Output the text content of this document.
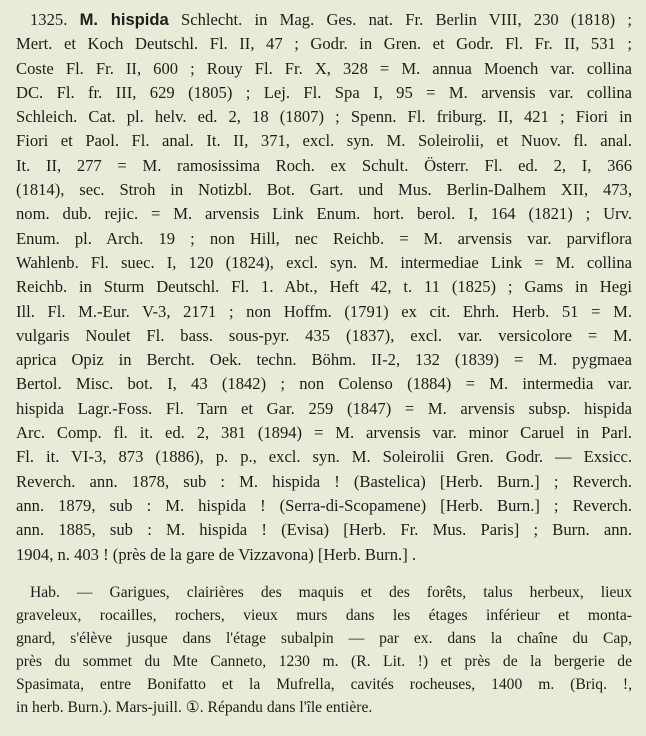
1325. M. hispida Schlecht. in Mag. Ges. nat. Fr. Berlin VIII, 230 (1818) ;
Mert. et Koch Deutschl. Fl. II, 47 ; Godr. in Gren. et Godr. Fl. Fr. II, 531 ;
Coste Fl. Fr. II, 600 ; Rouy Fl. Fr. X, 328 = M. annua Moench var. collina
DC. Fl. fr. III, 629 (1805) ; Lej. Fl. Spa I, 95 = M. arvensis var. collina
Schleich. Cat. pl. helv. ed. 2, 18 (1807) ; Spenn. Fl. friburg. II, 421 ; Fiori in
Fiori et Paol. Fl. anal. It. II, 371, excl. syn. M. Soleirolii, et Nuov. fl. anal.
It. II, 277 = M. ramosissima Roch. ex Schult. Österr. Fl. ed. 2, I, 366
(1814), sec. Stroh in Notizbl. Bot. Gart. und Mus. Berlin-Dalhem XII, 473,
nom. dub. rejic. = M. arvensis Link Enum. hort. berol. I, 164 (1821) ; Urv.
Enum. pl. Arch. 19 ; non Hill, nec Reichb. = M. arvensis var. parviflora
Wahlenb. Fl. suec. I, 120 (1824), excl. syn. M. intermediae Link = M. collina
Reichb. in Sturm Deutschl. Fl. 1. Abt., Heft 42, t. 11 (1825) ; Gams in Hegi
Ill. Fl. M.-Eur. V-3, 2171 ; non Hoffm. (1791) ex cit. Ehrh. Herb. 51 = M.
vulgaris Noulet Fl. bass. sous-pyr. 435 (1837), excl. var. versicolore = M.
aprica Opiz in Bercht. Oek. techn. Böhm. II-2, 132 (1839) = M. pygmaea
Bertol. Misc. bot. I, 43 (1842) ; non Colenso (1884) = M. intermedia var.
hispida Lagr.-Foss. Fl. Tarn et Gar. 259 (1847) = M. arvensis subsp. hispida
Arc. Comp. fl. it. ed. 2, 381 (1894) = M. arvensis var. minor Caruel in Parl.
Fl. it. VI-3, 873 (1886), p. p., excl. syn. M. Soleirolii Gren. Godr. — Exsicc.
Reverch. ann. 1878, sub : M. hispida ! (Bastelica) [Herb. Burn.] ; Reverch.
ann. 1879, sub : M. hispida ! (Serra-di-Scopamene) [Herb. Burn.] ; Reverch.
ann. 1885, sub : M. hispida ! (Evisa) [Herb. Fr. Mus. Paris] ; Burn. ann.
1904, n. 403 ! (près de la gare de Vizzavona) [Herb. Burn.] .
Hab. — Garigues, clairières des maquis et des forêts, talus herbeux, lieux
graveleux, rocailles, rochers, vieux murs dans les étages inférieur et monta-
gnard, s'élève jusque dans l'étage subalpin — par ex. dans la chaîne du Cap,
près du sommet du Mte Canneto, 1230 m. (R. Lit. !) et près de la bergerie de
Spasimata, entre Bonifatto et la Mufrella, cavités rocheuses, 1400 m. (Briq. !,
in herb. Burn.). Mars-juill. ①. Répandu dans l'île entière.
